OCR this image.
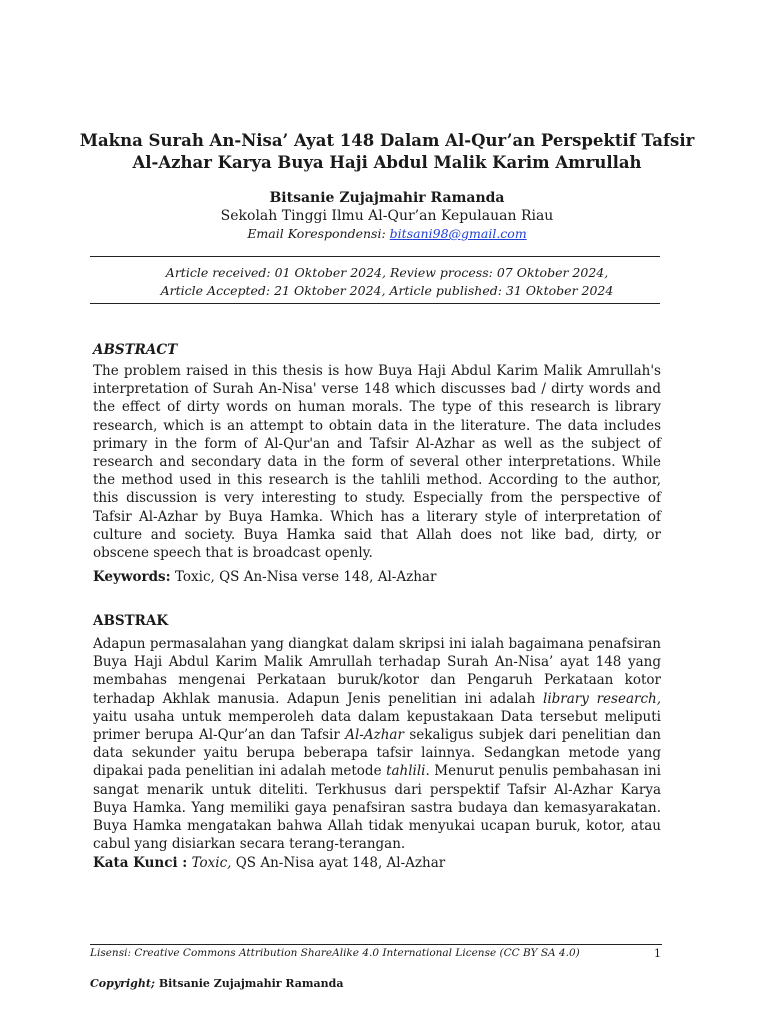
Makna Surah An-Nisa’ Ayat 148 Dalam Al-Qur’an Perspektif Tafsir
Al-Azhar Karya Buya Haji Abdul Malik Karim Amrullah
Bitsanie Zujajmahir Ramanda
Sekolah Tinggi Ilmu Al-Qur’an Kepulauan Riau
Email Korespondensi: bitsani98@gmail.com
Article received: 01 Oktober 2024, Review process: 07 Oktober 2024,
Article Accepted: 21 Oktober 2024, Article published: 31 Oktober 2024
ABSTRACT
The problem raised in this thesis is how Buya Haji Abdul Karim Malik Amrullah's interpretation of Surah An-Nisa' verse 148 which discusses bad / dirty words and the effect of dirty words on human morals. The type of this research is library research, which is an attempt to obtain data in the literature. The data includes primary in the form of Al-Qur'an and Tafsir Al-Azhar as well as the subject of research and secondary data in the form of several other interpretations. While the method used in this research is the tahlili method. According to the author, this discussion is very interesting to study. Especially from the perspective of Tafsir Al-Azhar by Buya Hamka. Which has a literary style of interpretation of culture and society. Buya Hamka said that Allah does not like bad, dirty, or obscene speech that is broadcast openly.
Keywords: Toxic, QS An-Nisa verse 148, Al-Azhar
ABSTRAK
Adapun permasalahan yang diangkat dalam skripsi ini ialah bagaimana penafsiran Buya Haji Abdul Karim Malik Amrullah terhadap Surah An-Nisa’ ayat 148 yang membahas mengenai Perkataan buruk/kotor dan Pengaruh Perkataan kotor terhadap Akhlak manusia. Adapun Jenis penelitian ini adalah library research, yaitu usaha untuk memperoleh data dalam kepustakaan Data tersebut meliputi primer berupa Al-Qur’an dan Tafsir Al-Azhar sekaligus subjek dari penelitian dan data sekunder yaitu berupa beberapa tafsir lainnya. Sedangkan metode yang dipakai pada penelitian ini adalah metode tahlili. Menurut penulis pembahasan ini sangat menarik untuk diteliti. Terkhusus dari perspektif Tafsir Al-Azhar Karya Buya Hamka. Yang memiliki gaya penafsiran sastra budaya dan kemasyarakatan. Buya Hamka mengatakan bahwa Allah tidak menyukai ucapan buruk, kotor, atau cabul yang disiarkan secara terang-terangan.
Kata Kunci : Toxic, QS An-Nisa ayat 148, Al-Azhar
Lisensi: Creative Commons Attribution ShareAlike 4.0 International License (CC BY SA 4.0)	1
Copyright; Bitsanie Zujajmahir Ramanda
